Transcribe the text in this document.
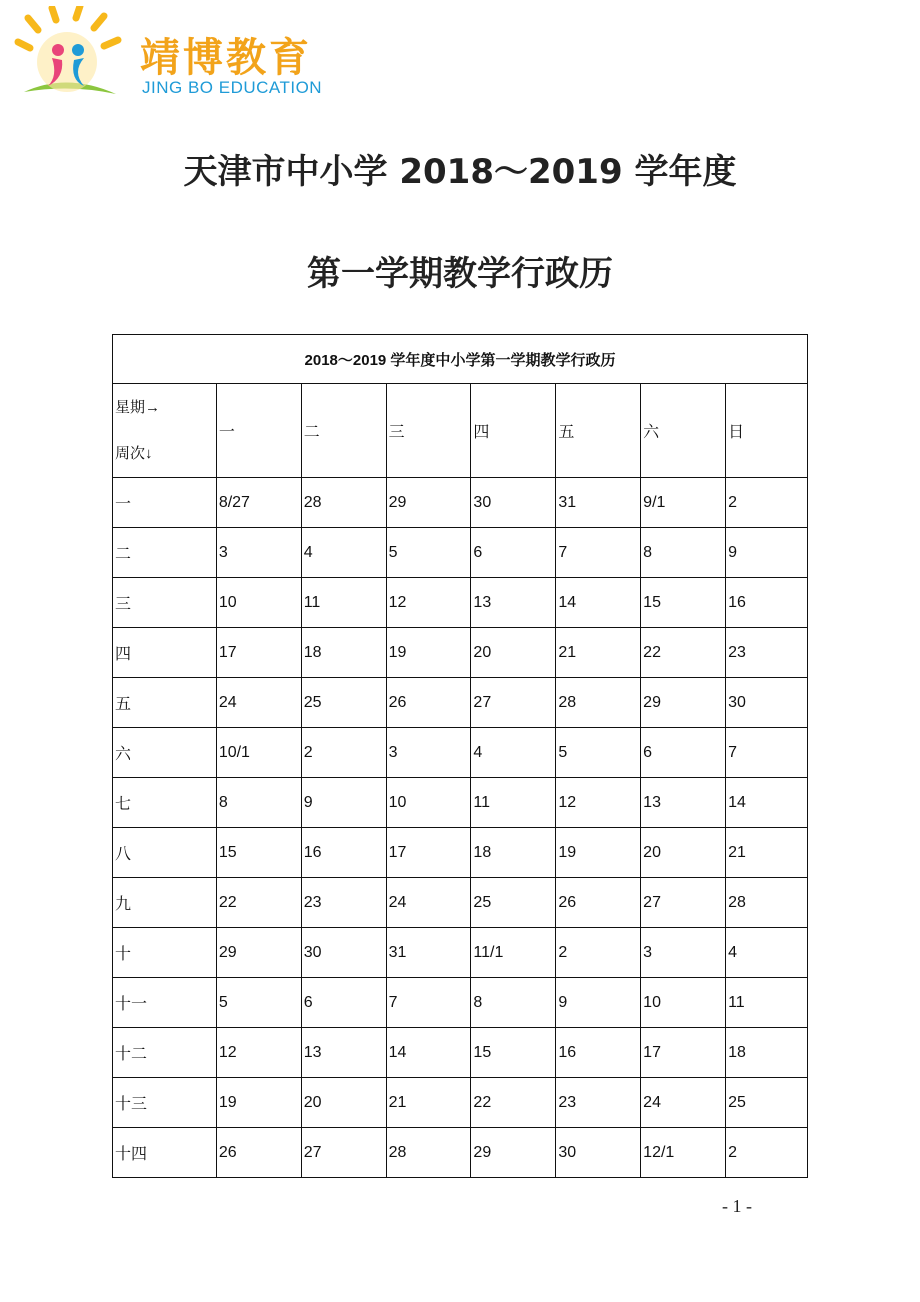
靖博教育
JING BO EDUCATION
天津市中小学 2018～2019 学年度
第一学期教学行政历
2018～2019 学年度中小学第一学期教学行政历							

星期→
周次↓	一	二	三	四	五	六	日
一	8/27	28	29	30	31	9/1	2
二	3	4	5	6	7	8	9
三	10	11	12	13	14	15	16
四	17	18	19	20	21	22	23
五	24	25	26	27	28	29	30
六	10/1	2	3	4	5	6	7
七	8	9	10	11	12	13	14
八	15	16	17	18	19	20	21
九	22	23	24	25	26	27	28
十	29	30	31	11/1	2	3	4
十一	5	6	7	8	9	10	11
十二	12	13	14	15	16	17	18
十三	19	20	21	22	23	24	25
十四	26	27	28	29	30	12/1	2
- 1 -
